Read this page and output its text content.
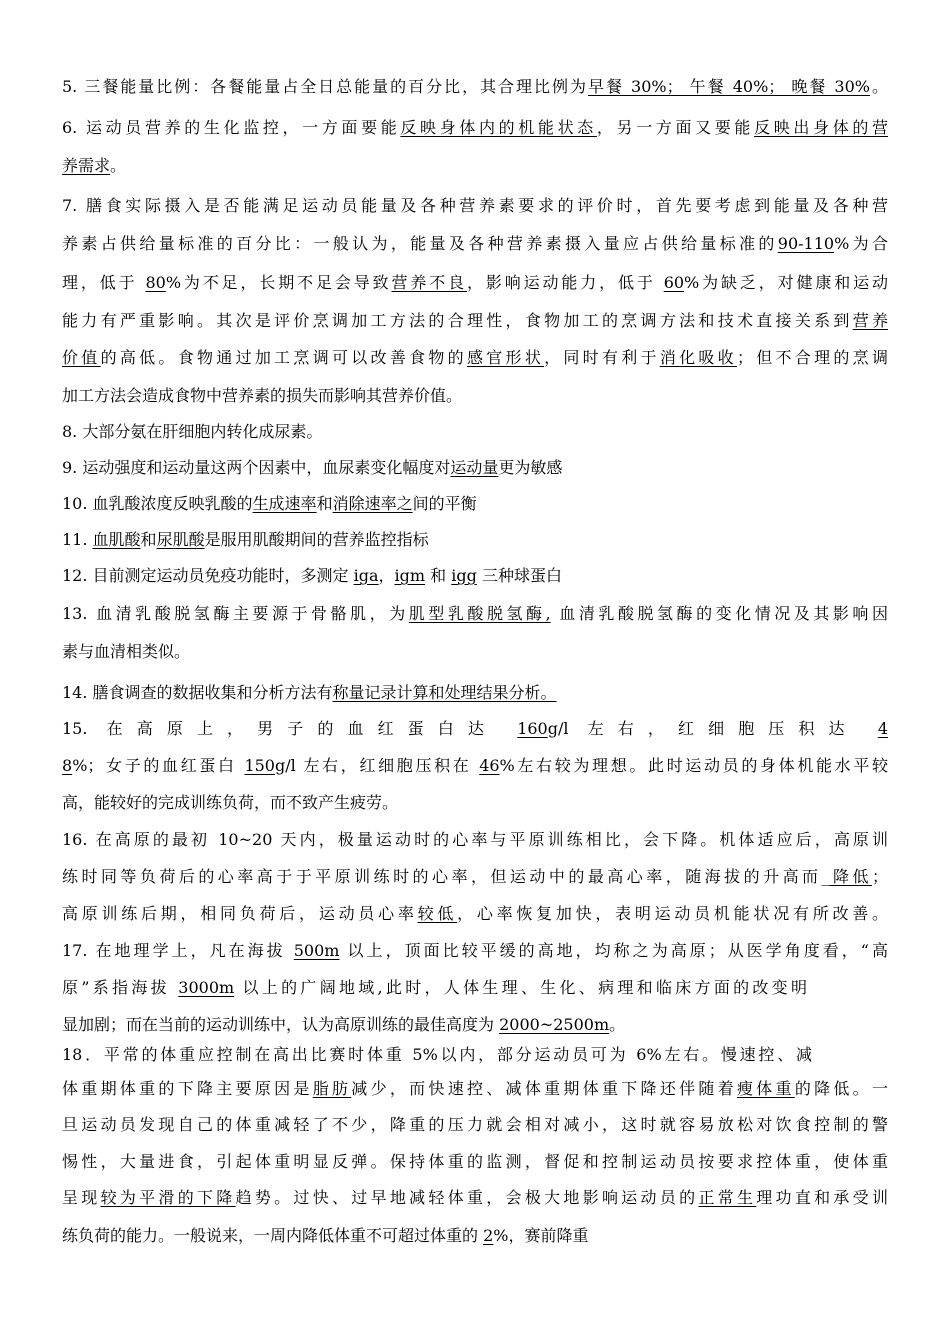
5. 三餐能量比例：各餐能量占全日总能量的百分比，其合理比例为早餐 30%； 午餐 40%； 晚餐 30%。
6. 运动员营养的生化监控，一方面要能反映身体内的机能状态，另一方面又要能反映出身体的营
养需求。
7. 膳食实际摄入是否能满足运动员能量及各种营养素要求的评价时，首先要考虑到能量及各种营
养素占供给量标准的百分比：一般认为，能量及各种营养素摄入量应占供给量标准的90-110%为合
理，低于 80%为不足，长期不足会导致营养不良，影响运动能力，低于 60%为缺乏，对健康和运动
能力有严重影响。其次是评价烹调加工方法的合理性，食物加工的烹调方法和技术直接关系到营养
价值的高低。食物通过加工烹调可以改善食物的感官形状，同时有利于消化吸收；但不合理的烹调
加工方法会造成食物中营养素的损失而影响其营养价值。
8. 大部分氨在肝细胞内转化成尿素。
9. 运动强度和运动量这两个因素中，血尿素变化幅度对运动量更为敏感
10. 血乳酸浓度反映乳酸的生成速率和消除速率之间的平衡
11. 血肌酸和尿肌酸是服用肌酸期间的营养监控指标
12. 目前测定运动员免疫功能时，多测定 iga，igm 和 igg 三种球蛋白
13. 血清乳酸脱氢酶主要源于骨骼肌，为肌型乳酸脱氢酶, 血清乳酸脱氢酶的变化情况及其影响因
素与血清相类似。
14. 膳食调查的数据收集和分析方法有称量记录计算和处理结果分析。
15. 在高原上，男子的血红蛋白达 160g/l 左右，红细胞压积达 4
8%；女子的血红蛋白 150g/l 左右，红细胞压积在 46%左右较为理想。此时运动员的身体机能水平较
高，能较好的完成训练负荷，而不致产生疲劳。
16. 在高原的最初 10~20 天内，极量运动时的心率与平原训练相比，会下降。机体适应后，高原训
练时同等负荷后的心率高于于平原训练时的心率，但运动中的最高心率，随海拔的升高而_降低；
高原训练后期，相同负荷后，运动员心率较低，心率恢复加快，表明运动员机能状况有所改善。
17. 在地理学上，凡在海拔 500m 以上，顶面比较平缓的高地，均称之为高原；从医学角度看，“高
原”系指海拔 3000m 以上的广阔地域,此时，人体生理、生化、病理和临床方面的改变明
显加剧；而在当前的运动训练中，认为高原训练的最佳高度为 2000~2500m。
18．平常的体重应控制在高出比赛时体重 5%以内，部分运动员可为 6%左右。慢速控、减
体重期体重的下降主要原因是脂肪减少，而快速控、减体重期体重下降还伴随着瘦体重的降低。一
旦运动员发现自己的体重减轻了不少，降重的压力就会相对减小，这时就容易放松对饮食控制的警
惕性，大量进食，引起体重明显反弹。保持体重的监测，督促和控制运动员按要求控体重，使体重
呈现较为平滑的下降趋势。过快、过早地减轻体重，会极大地影响运动员的正常生理功直和承受训
练负荷的能力。一般说来，一周内降低体重不可超过体重的 2%，赛前降重
